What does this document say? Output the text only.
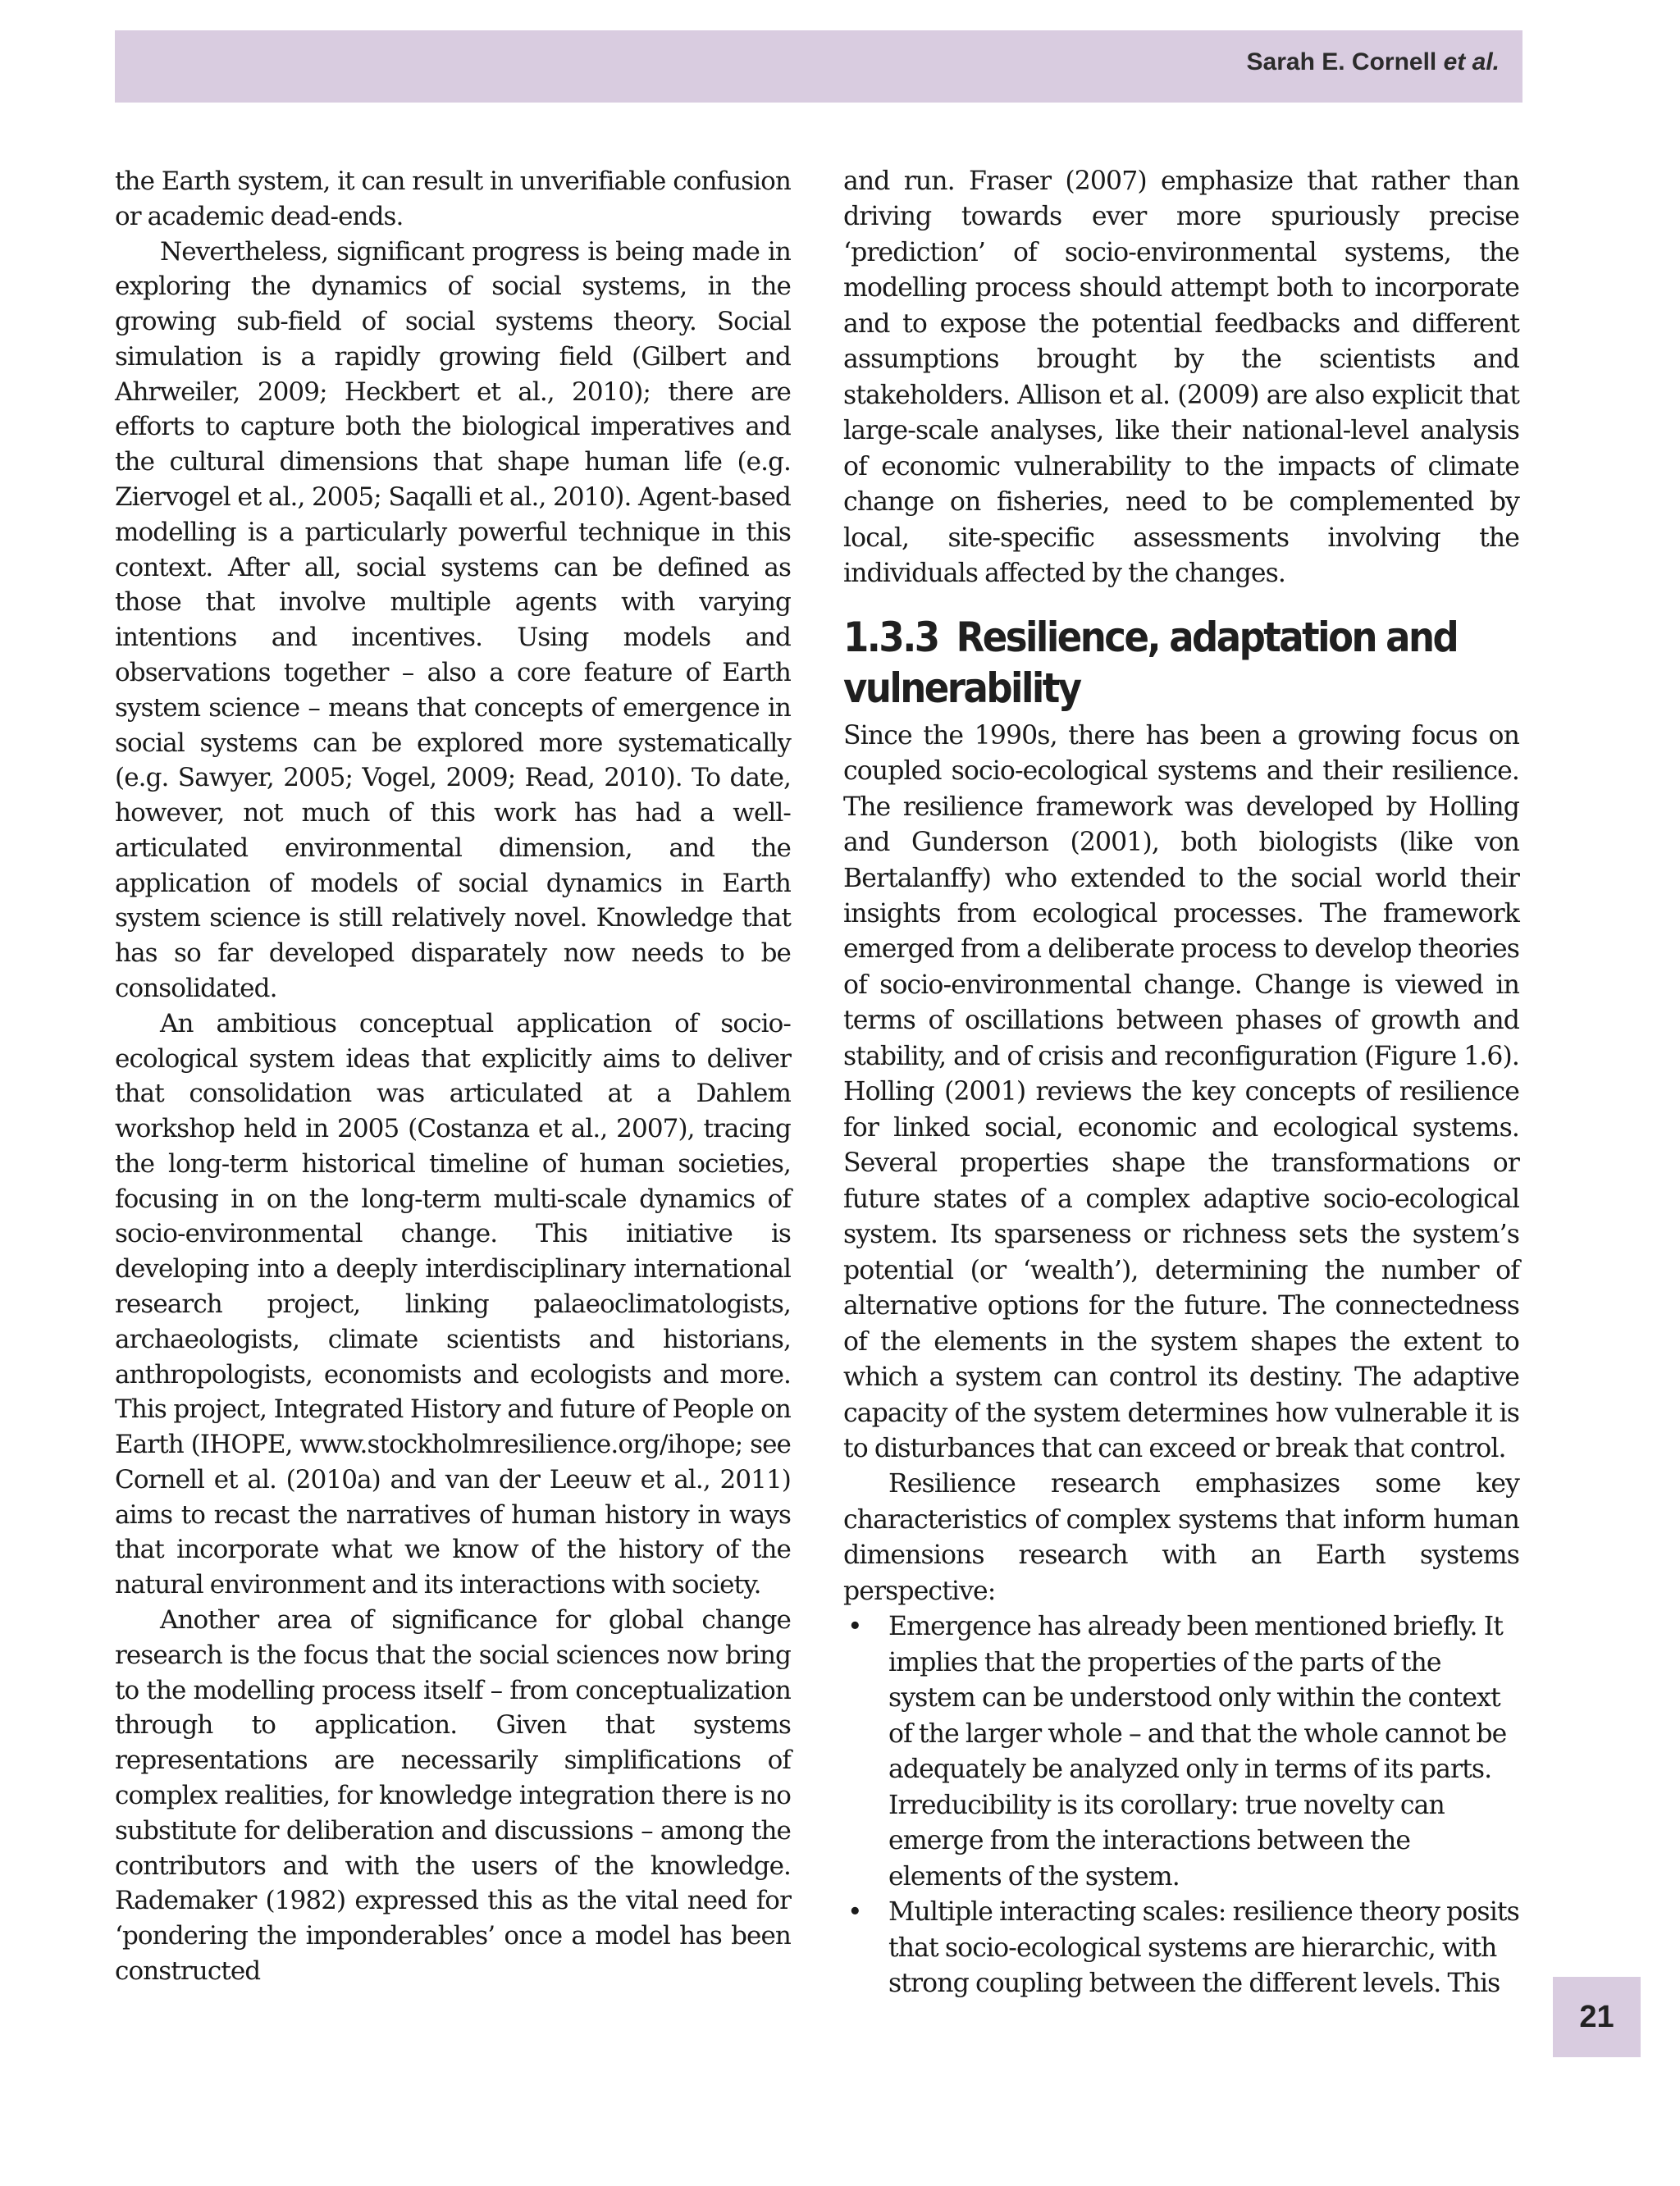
Sarah E. Cornell et al.

the Earth system, it can result in unverifiable confusion or academic dead-ends.

Nevertheless, significant progress is being made in exploring the dynamics of social systems, in the growing sub-field of social systems theory. Social simulation is a rapidly growing field (Gilbert and Ahrweiler, 2009; Heckbert et al., 2010); there are efforts to capture both the biological imperatives and the cultural dimensions that shape human life (e.g. Ziervogel et al., 2005; Saqalli et al., 2010). Agent-based modelling is a particularly powerful technique in this context. After all, social systems can be defined as those that involve multiple agents with varying intentions and incentives. Using models and observations together – also a core feature of Earth system science – means that concepts of emergence in social systems can be explored more systematically (e.g. Sawyer, 2005; Vogel, 2009; Read, 2010). To date, however, not much of this work has had a well-articulated environmental dimension, and the application of models of social dynamics in Earth system science is still relatively novel. Knowledge that has so far developed disparately now needs to be consolidated.

An ambitious conceptual application of socio-ecological system ideas that explicitly aims to deliver that consolidation was articulated at a Dahlem workshop held in 2005 (Costanza et al., 2007), tracing the long-term historical timeline of human societies, focusing in on the long-term multi-scale dynamics of socio-environmental change. This initiative is developing into a deeply interdisciplinary international research project, linking palaeoclimatologists, archaeologists, climate scientists and historians, anthropologists, economists and ecologists and more. This project, Integrated History and future of People on Earth (IHOPE, www.stockholmresilience.org/ihope; see Cornell et al. (2010a) and van der Leeuw et al., 2011) aims to recast the narratives of human history in ways that incorporate what we know of the history of the natural environment and its interactions with society.

Another area of significance for global change research is the focus that the social sciences now bring to the modelling process itself – from conceptualization through to application. Given that systems representations are necessarily simplifications of complex realities, for knowledge integration there is no substitute for deliberation and discussions – among the contributors and with the users of the knowledge. Rademaker (1982) expressed this as the vital need for ‘pondering the imponderables’ once a model has been constructed

and run. Fraser (2007) emphasize that rather than driving towards ever more spuriously precise ‘prediction’ of socio-environmental systems, the modelling process should attempt both to incorporate and to expose the potential feedbacks and different assumptions brought by the scientists and stakeholders. Allison et al. (2009) are also explicit that large-scale analyses, like their national-level analysis of economic vulnerability to the impacts of climate change on fisheries, need to be complemented by local, site-specific assessments involving the individuals affected by the changes.

1.3.3 Resilience, adaptation and vulnerability

Since the 1990s, there has been a growing focus on coupled socio-ecological systems and their resilience. The resilience framework was developed by Holling and Gunderson (2001), both biologists (like von Bertalanffy) who extended to the social world their insights from ecological processes. The framework emerged from a deliberate process to develop theories of socio-environmental change. Change is viewed in terms of oscillations between phases of growth and stability, and of crisis and reconfiguration (Figure 1.6). Holling (2001) reviews the key concepts of resilience for linked social, economic and ecological systems. Several properties shape the transformations or future states of a complex adaptive socio-ecological system. Its sparseness or richness sets the system’s potential (or ‘wealth’), determining the number of alternative options for the future. The connectedness of the elements in the system shapes the extent to which a system can control its destiny. The adaptive capacity of the system determines how vulnerable it is to disturbances that can exceed or break that control.

Resilience research emphasizes some key characteristics of complex systems that inform human dimensions research with an Earth systems perspective:

• Emergence has already been mentioned briefly. It implies that the properties of the parts of the system can be understood only within the context of the larger whole – and that the whole cannot be adequately be analyzed only in terms of its parts. Irreducibility is its corollary: true novelty can emerge from the interactions between the elements of the system.
• Multiple interacting scales: resilience theory posits that socio-ecological systems are hierarchic, with strong coupling between the different levels. This
21
